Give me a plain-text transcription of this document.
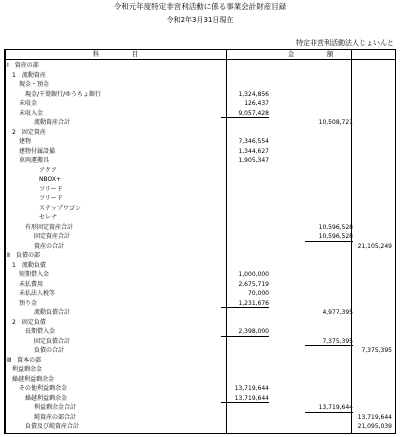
令和元年度特定非営利活動に係る事業会計財産目録
令和2年3月31日現在
特定非営利活動法人じょいんと
科　　　　　目	金　　　　　額
Ⅰ　資産の部
1　流動資産
現金・預金
現金/千葉銀行/ゆうちょ銀行	1,324,856
未収金	126,437
未収入金	9,057,428
流動資産合計	10,508,721
2　固定資産
建物	7,346,554
建物付属設備	1,344,627
車両運搬具	1,905,347
アクア
NBOX+
フリード
フリード
ステップワゴン
セレナ
有形固定資産合計	10,596,528
固定資産合計	10,596,528
資産の合計	21,105,249
Ⅱ　負債の部
1　流動負債
短期借入金	1,000,000
未払費用	2,675,719
未払法人税等	70,000
預り金	1,231,676
流動負債合計	4,977,395
2　固定負債
長期借入金	2,398,000
固定負債合計	7,375,395
負債の合計	7,375,395
Ⅲ　資本の部
利益剰余金
繰越利益剰余金
その他利益剰余金	13,719,644
繰越利益剰余金	13,719,644
利益剰余金合計	13,719,644
純資産の部合計	13,719,644
負債及び純資産合計	21,095,039
